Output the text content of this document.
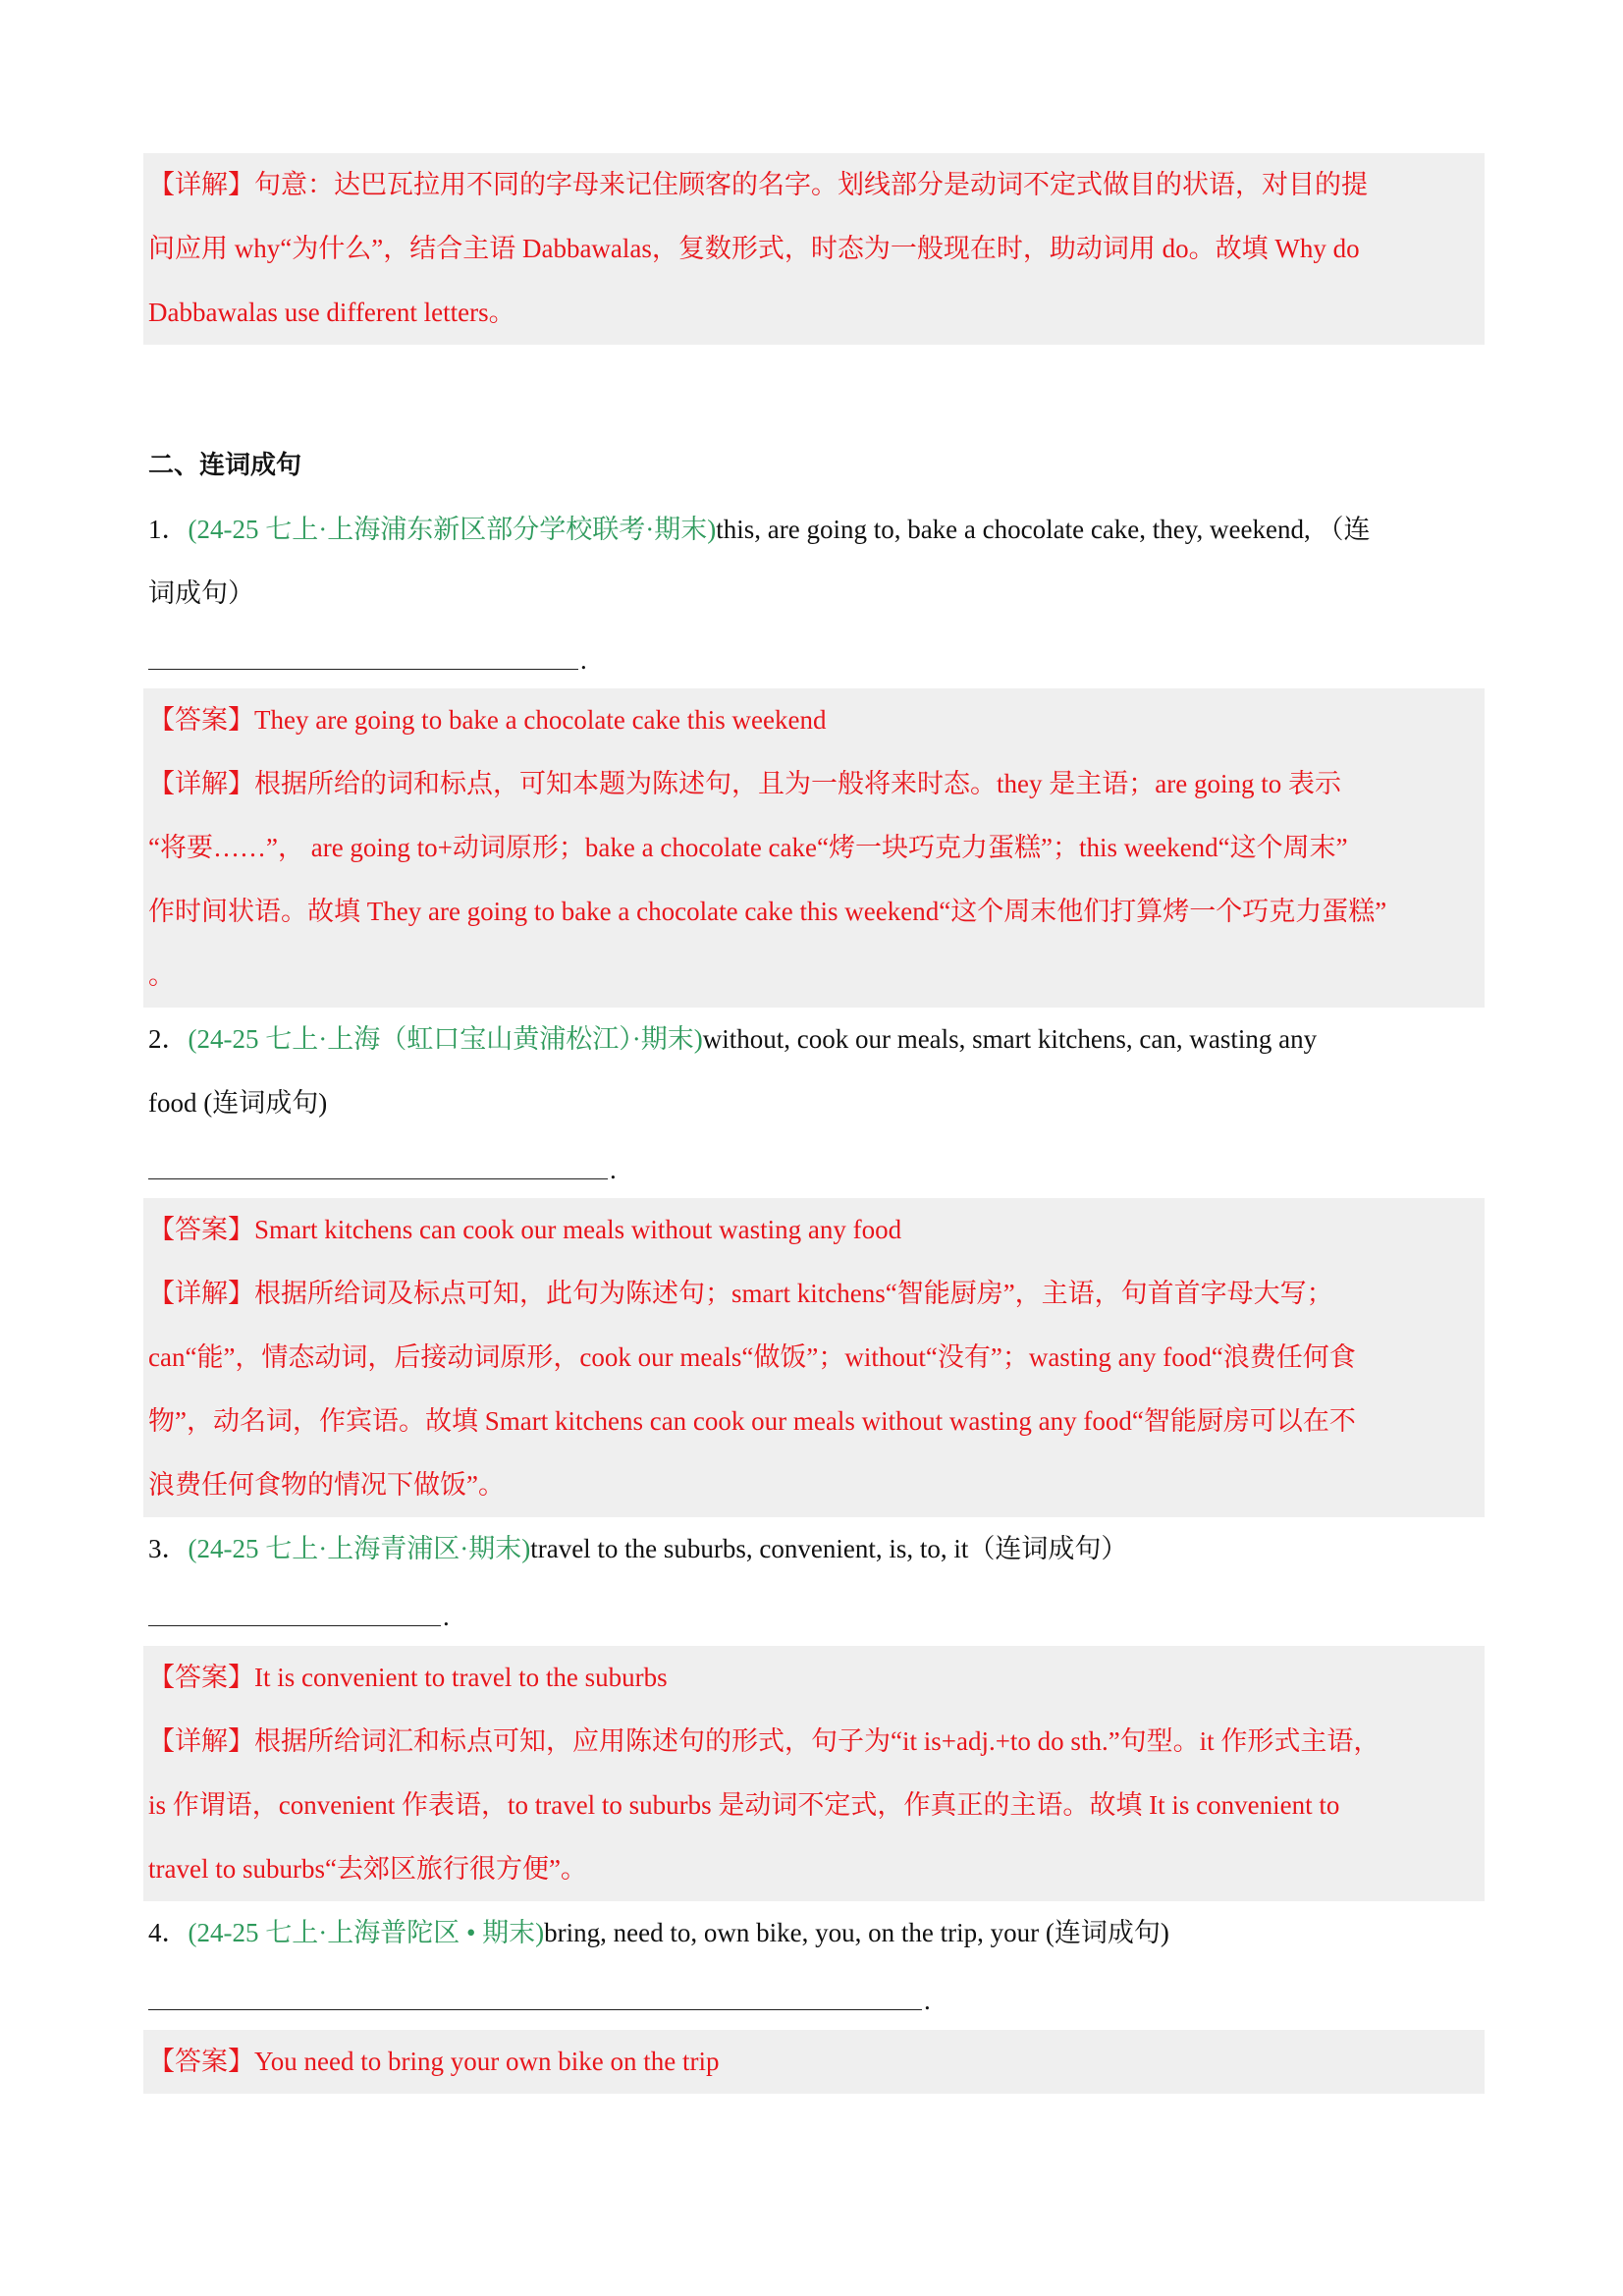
【详解】句意：达巴瓦拉用不同的字母来记住顾客的名字。划线部分是动词不定式做目的状语，对目的提
问应用 why“为什么”，结合主语 Dabbawalas，复数形式，时态为一般现在时，助动词用 do。故填 Why do
Dabbawalas use different letters。
二、连词成句
1．(24-25 七上·上海浦东新区部分学校联考·期末)this, are going to, bake a chocolate cake, they, weekend, （连
词成句）
.
【答案】They are going to bake a chocolate cake this weekend
【详解】根据所给的词和标点，可知本题为陈述句，且为一般将来时态。they 是主语；are going to 表示
“将要……”， are going to+动词原形；bake a chocolate cake“烤一块巧克力蛋糕”；this weekend“这个周末”
作时间状语。故填 They are going to bake a chocolate cake this weekend“这个周末他们打算烤一个巧克力蛋糕”
。
2．(24-25 七上·上海（虹口宝山黄浦松江）·期末)without, cook our meals, smart kitchens, can, wasting any
food (连词成句)
.
【答案】Smart kitchens can cook our meals without wasting any food
【详解】根据所给词及标点可知，此句为陈述句；smart kitchens“智能厨房”，主语，句首首字母大写；
can“能”，情态动词，后接动词原形，cook our meals“做饭”；without“没有”；wasting any food“浪费任何食
物”，动名词，作宾语。故填 Smart kitchens can cook our meals without wasting any food“智能厨房可以在不
浪费任何食物的情况下做饭”。
3．(24-25 七上·上海青浦区·期末)travel to the suburbs, convenient, is, to, it（连词成句）
.
【答案】It is convenient to travel to the suburbs
【详解】根据所给词汇和标点可知，应用陈述句的形式，句子为“it is+adj.+to do sth.”句型。it 作形式主语，
is 作谓语，convenient 作表语，to travel to suburbs 是动词不定式，作真正的主语。故填 It is convenient to
travel to suburbs“去郊区旅行很方便”。
4．(24-25 七上·上海普陀区 • 期末)bring, need to, own bike, you, on the trip, your (连词成句)
.
【答案】You need to bring your own bike on the trip
